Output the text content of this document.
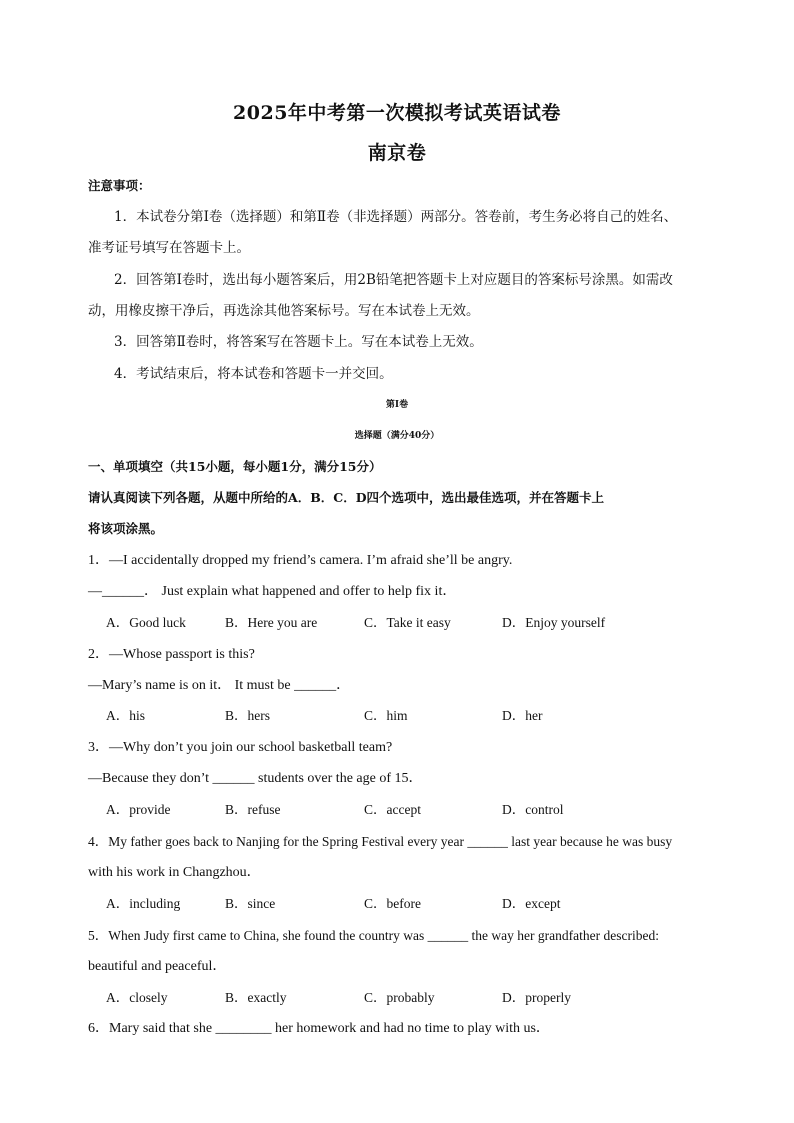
2025年中考第一次模拟考试英语试卷
南京卷
注意事项：
1．本试卷分第Ⅰ卷（选择题）和第Ⅱ卷（非选择题）两部分。答卷前，考生务必将自己的姓名、
准考证号填写在答题卡上。
2．回答第Ⅰ卷时，选出每小题答案后，用2B铅笔把答题卡上对应题目的答案标号涂黑。如需改
动，用橡皮擦干净后，再选涂其他答案标号。写在本试卷上无效。
3．回答第Ⅱ卷时，将答案写在答题卡上。写在本试卷上无效。
4．考试结束后，将本试卷和答题卡一并交回。
第Ⅰ卷
选择题（满分40分）
一、单项填空（共15小题，每小题1分，满分15分）
请认真阅读下列各题，从题中所给的A．B．C．D四个选项中，选出最佳选项，并在答题卡上
将该项涂黑。
1．—I accidentally dropped my friend’s camera. I’m afraid she’ll be angry.
—______． Just explain what happened and offer to help fix it．
A．Good luck	B．Here you are	C．Take it easy	D．Enjoy yourself
2．—Whose passport is this?
—Mary’s name is on it． It must be ______．
A．his	B．hers	C．him	D．her
3．—Why don’t you join our school basketball team?
—Because they don’t ______ students over the age of 15．
A．provide	B．refuse	C．accept	D．control
4．My father goes back to Nanjing for the Spring Festival every year ______ last year because he was busy
with his work in Changzhou．
A．including	B．since	C．before	D．except
5．When Judy first came to China, she found the country was ______ the way her grandfather described:
beautiful and peaceful．
A．closely	B．exactly	C．probably	D．properly
6．Mary said that she ________ her homework and had no time to play with us．
